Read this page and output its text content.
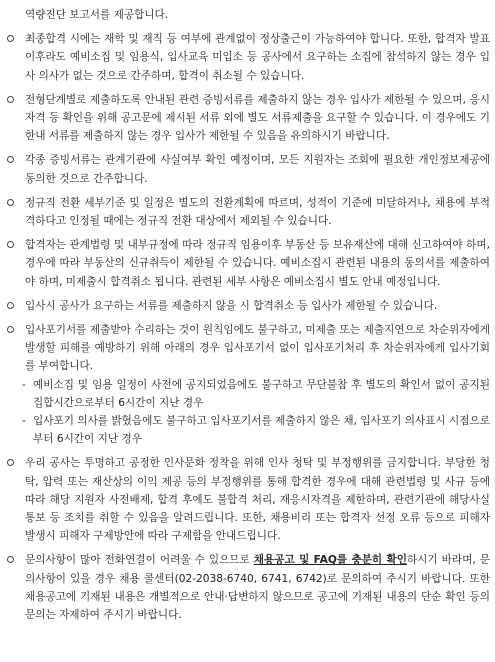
역량진단 보고서를 제공합니다.
최종합격 시에는 재학 및 재직 등 여부에 관계없이 정상출근이 가능하여야 합니다. 또한, 합격자 발표 이후라도 예비소집 및 임용식, 입사교육 미입소 등 공사에서 요구하는 소집에 참석하지 않는 경우 입사 의사가 없는 것으로 간주하며, 합격이 취소될 수 있습니다.
전형단계별로 제출하도록 안내된 관련 증빙서류를 제출하지 않는 경우 입사가 제한될 수 있으며, 응시자격 등 확인을 위해 공고문에 제시된 서류 외에 별도 서류제출을 요구할 수 있습니다. 이 경우에도 기한내 서류를 제출하지 않는 경우 입사가 제한될 수 있음을 유의하시기 바랍니다.
각종 증빙서류는 관계기관에 사실여부 확인 예정이며, 모든 지원자는 조회에 필요한 개인정보제공에 동의한 것으로 간주합니다.
정규직 전환 세부기준 및 일정은 별도의 전환계획에 따르며, 성적이 기준에 미달하거나, 채용에 부적격하다고 인정될 때에는 정규직 전환 대상에서 제외될 수 있습니다.
합격자는 관계법령 및 내부규정에 따라 정규직 임용이후 부동산 등 보유재산에 대해 신고하여야 하며, 경우에 따라 부동산의 신규취득이 제한될 수 있습니다. 예비소집시 관련된 내용의 동의서를 제출하여야 하며, 미제출시 합격취소 됩니다. 관련된 세부 사항은 예비소집시 별도 안내 예정입니다.
입사시 공사가 요구하는 서류를 제출하지 않을 시 합격취소 등 입사가 제한될 수 있습니다.
입사포기서를 제출받아 수리하는 것이 원칙임에도 불구하고, 미제출 또는 제출지연으로 차순위자에게 발생할 피해를 예방하기 위해 아래의 경우 입사포기서 없이 입사포기처리 후 차순위자에게 입사기회를 부여합니다.
- 예비소집 및 임용 일정이 사전에 공지되었음에도 불구하고 무단불참 후 별도의 확인서 없이 공지된 집합시간으로부터 6시간이 지난 경우
- 입사포기 의사를 밝혔음에도 불구하고 입사포기서를 제출하지 않은 채, 입사포기 의사표시 시점으로부터 6시간이 지난 경우
우리 공사는 투명하고 공정한 인사문화 정착을 위해 인사 청탁 및 부정행위를 금지합니다. 부당한 청탁, 압력 또는 재산상의 이익 제공 등의 부정행위를 통해 합격한 경우에 대해 관련법령 및 사규 등에 따라 해당 지원자 사전배제, 합격 후에도 불합격 처리, 재응시자격을 제한하며, 관련기관에 해당사실 통보 등 조치를 취할 수 있음을 알려드립니다. 또한, 채용비리 또는 합격자 선정 오류 등으로 피해자 발생시 피해자 구제방안에 따라 구제함을 안내드립니다.
문의사항이 많아 전화연결이 어려울 수 있으므로 채용공고 및 FAQ를 충분히 확인하시기 바라며, 문의사항이 있을 경우 채용 콜센터(02-2038-6740, 6741, 6742)로 문의하여 주시기 바랍니다. 또한 채용공고에 기재된 내용은 개별적으로 안내·답변하지 않으므로 공고에 기재된 내용의 단순 확인 등의 문의는 자제하여 주시기 바랍니다.
